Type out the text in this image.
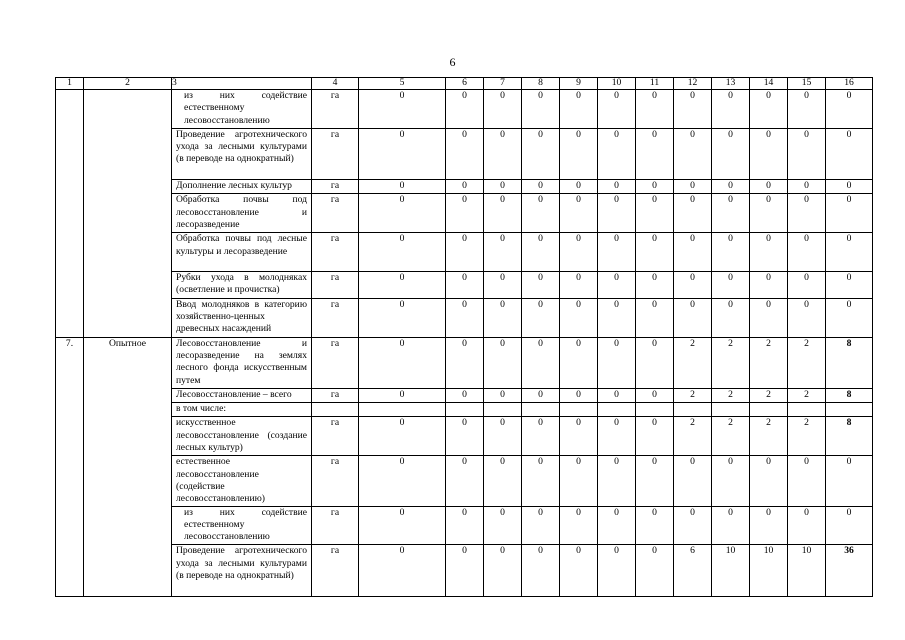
6
1	2	3	4	5	6	7	8	9	10	11	12	13	14	15	16
		из них содействие естественному лесовосстановлению	га	0	0	0	0	0	0	0	0	0	0	0	0
		Проведение агротехнического ухода за лесными культурами (в переводе на однократный)	га	0	0	0	0	0	0	0	0	0	0	0	0
		Дополнение лесных культур	га	0	0	0	0	0	0	0	0	0	0	0	0
		Обработка почвы под лесовосстановление и лесоразведение	га	0	0	0	0	0	0	0	0	0	0	0	0
		Обработка почвы под лесные культуры и лесоразведение	га	0	0	0	0	0	0	0	0	0	0	0	0
		Рубки ухода в молодняках (осветление и прочистка)	га	0	0	0	0	0	0	0	0	0	0	0	0
		Ввод молодняков в категорию хозяйственно-ценных древесных насаждений	га	0	0	0	0	0	0	0	0	0	0	0	0
7.	Опытное	Лесовосстановление и лесоразведение на землях лесного фонда искусственным путем	га	0	0	0	0	0	0	0	2	2	2	2	8
		Лесовосстановление – всего	га	0	0	0	0	0	0	0	2	2	2	2	8
		в том числе:													
		искусственное лесовосстановление (создание лесных культур)	га	0	0	0	0	0	0	0	2	2	2	2	8
		естественное лесовосстановление (содействие лесовосстановлению)	га	0	0	0	0	0	0	0	0	0	0	0	0
		из них содействие естественному лесовосстановлению	га	0	0	0	0	0	0	0	0	0	0	0	0
		Проведение агротехнического ухода за лесными культурами (в переводе на однократный)	га	0	0	0	0	0	0	0	6	10	10	10	36
